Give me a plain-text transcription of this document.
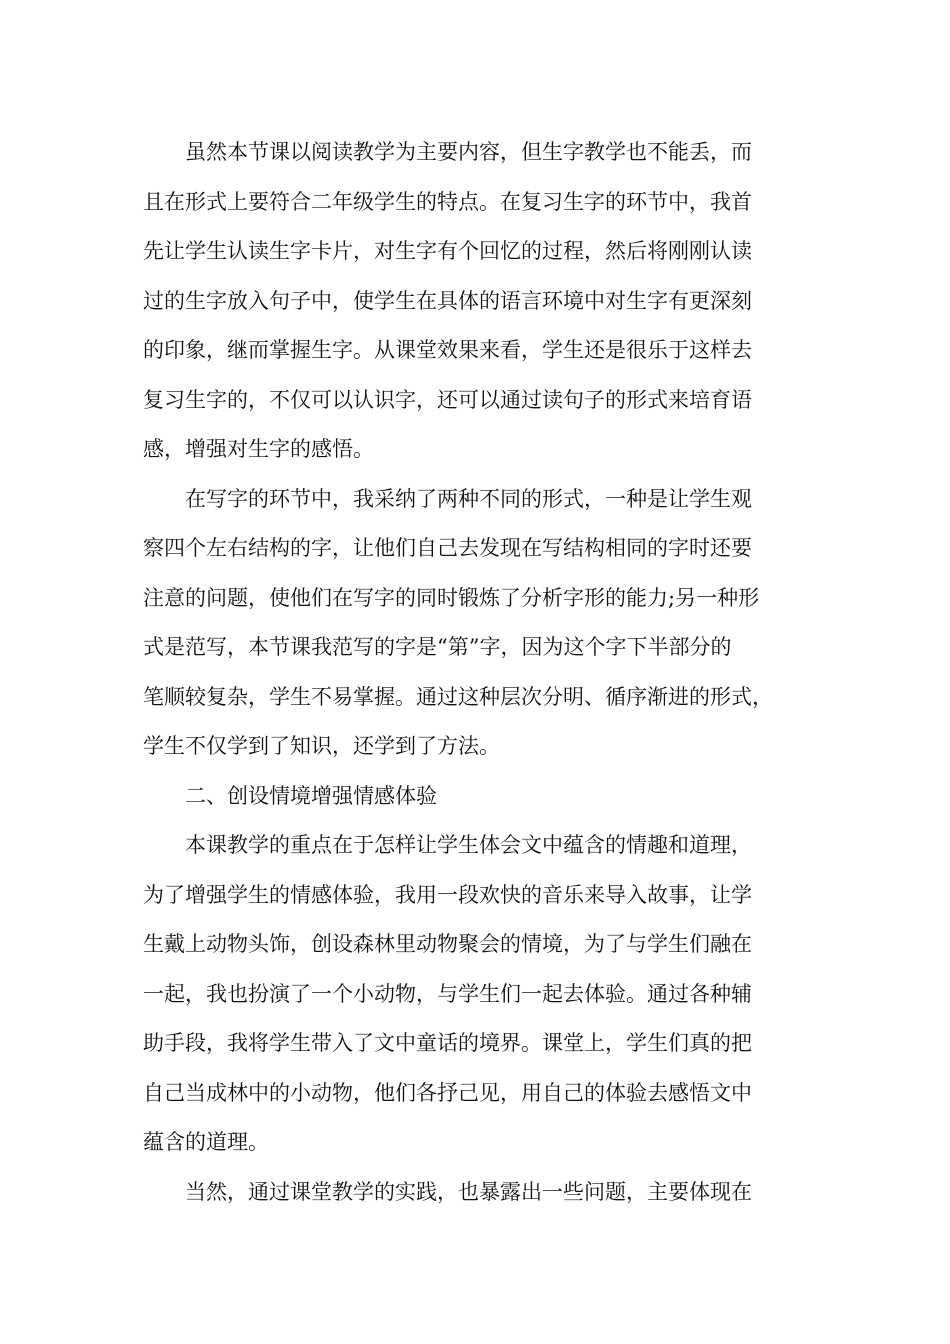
虽然本节课以阅读教学为主要内容，但生字教学也不能丢，而
且在形式上要符合二年级学生的特点。在复习生字的环节中，我首
先让学生认读生字卡片，对生字有个回忆的过程，然后将刚刚认读
过的生字放入句子中，使学生在具体的语言环境中对生字有更深刻
的印象，继而掌握生字。从课堂效果来看，学生还是很乐于这样去
复习生字的，不仅可以认识字，还可以通过读句子的形式来培育语
感，增强对生字的感悟。

在写字的环节中，我采纳了两种不同的形式，一种是让学生观
察四个左右结构的字，让他们自己去发现在写结构相同的字时还要
注意的问题，使他们在写字的同时锻炼了分析字形的能力;另一种形
式是范写，本节课我范写的字是“第”字，因为这个字下半部分的
笔顺较复杂，学生不易掌握。通过这种层次分明、循序渐进的形式，
学生不仅学到了知识，还学到了方法。

二、创设情境增强情感体验

本课教学的重点在于怎样让学生体会文中蕴含的情趣和道理，
为了增强学生的情感体验，我用一段欢快的音乐来导入故事，让学
生戴上动物头饰，创设森林里动物聚会的情境，为了与学生们融在
一起，我也扮演了一个小动物，与学生们一起去体验。通过各种辅
助手段，我将学生带入了文中童话的境界。课堂上，学生们真的把
自己当成林中的小动物，他们各抒己见，用自己的体验去感悟文中
蕴含的道理。

当然，通过课堂教学的实践，也暴露出一些问题，主要体现在
